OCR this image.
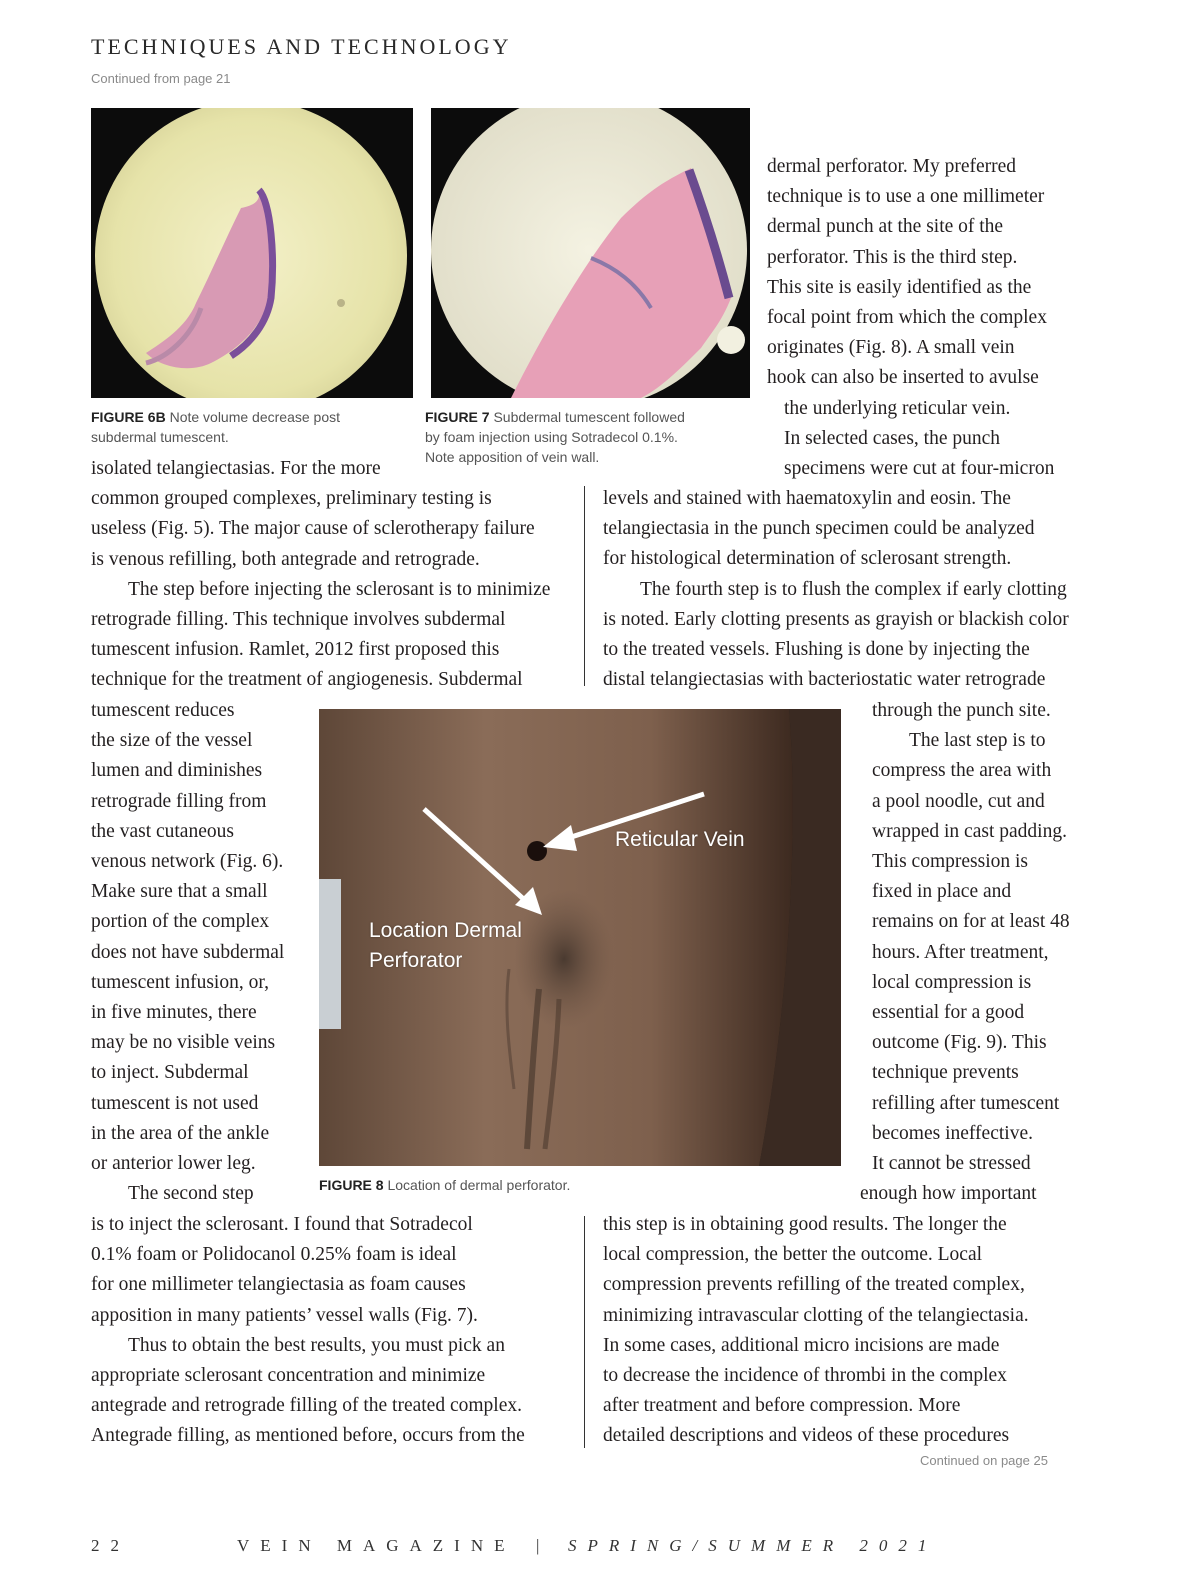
TECHNIQUES AND TECHNOLOGY
Continued from page 21
FIGURE 6B Note volume decrease post
subdermal tumescent.
FIGURE 7 Subdermal tumescent followed
by foam injection using Sotradecol 0.1%.
Note apposition of vein wall.
dermal perforator. My preferred
technique is to use a one millimeter
dermal punch at the site of the
perforator. This is the third step.
This site is easily identified as the
focal point from which the complex
originates (Fig. 8). A small vein
hook can also be inserted to avulse
the underlying reticular vein.
In selected cases, the punch
specimens were cut at four-micron
isolated telangiectasias. For the more
common grouped complexes, preliminary testing is
useless (Fig. 5). The major cause of sclerotherapy failure
is venous refilling, both antegrade and retrograde.
The step before injecting the sclerosant is to minimize
retrograde filling. This technique involves subdermal
tumescent infusion. Ramlet, 2012 first proposed this
technique for the treatment of angiogenesis. Subdermal
levels and stained with haematoxylin and eosin. The
telangiectasia in the punch specimen could be analyzed
for histological determination of sclerosant strength.
The fourth step is to flush the complex if early clotting
is noted. Early clotting presents as grayish or blackish color
to the treated vessels. Flushing is done by injecting the
distal telangiectasias with bacteriostatic water retrograde
Reticular Vein
Location Dermal
Perforator
FIGURE 8 Location of dermal perforator.
tumescent reduces
the size of the vessel
lumen and diminishes
retrograde filling from
the vast cutaneous
venous network (Fig. 6).
Make sure that a small
portion of the complex
does not have subdermal
tumescent infusion, or,
in five minutes, there
may be no visible veins
to inject. Subdermal
tumescent is not used
in the area of the ankle
or anterior lower leg.
The second step
through the punch site.
The last step is to
compress the area with
a pool noodle, cut and
wrapped in cast padding.
This compression is
fixed in place and
remains on for at least 48
hours. After treatment,
local compression is
essential for a good
outcome (Fig. 9). This
technique prevents
refilling after tumescent
becomes ineffective.
It cannot be stressed
enough how important
is to inject the sclerosant. I found that Sotradecol
0.1% foam or Polidocanol 0.25% foam is ideal
for one millimeter telangiectasia as foam causes
apposition in many patients’ vessel walls (Fig. 7).
Thus to obtain the best results, you must pick an
appropriate sclerosant concentration and minimize
antegrade and retrograde filling of the treated complex.
Antegrade filling, as mentioned before, occurs from the
this step is in obtaining good results. The longer the
local compression, the better the outcome. Local
compression prevents refilling of the treated complex,
minimizing intravascular clotting of the telangiectasia.
In some cases, additional micro incisions are made
to decrease the incidence of thrombi in the complex
after treatment and before compression. More
detailed descriptions and videos of these procedures
Continued on page 25
22	VEIN MAGAZINE | SPRING/SUMMER 2021
